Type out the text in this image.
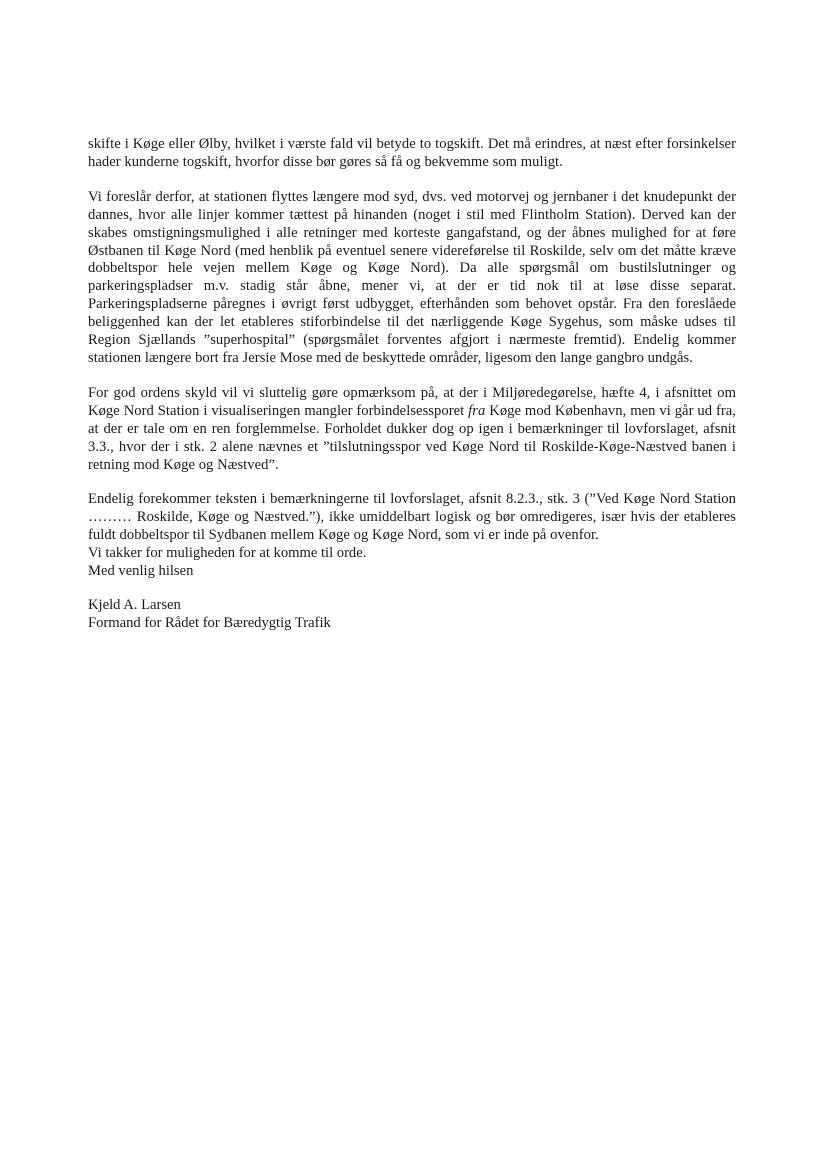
skifte i Køge eller Ølby, hvilket i værste fald vil betyde to togskift. Det må erindres, at næst efter forsinkelser hader kunderne togskift, hvorfor disse bør gøres så få og bekvemme som muligt.

Vi foreslår derfor, at stationen flyttes længere mod syd, dvs. ved motorvej og jernbaner i det knudepunkt der dannes, hvor alle linjer kommer tættest på hinanden (noget i stil med Flintholm Station). Derved kan der skabes omstigningsmulighed i alle retninger med korteste gangafstand, og der åbnes mulighed for at føre Østbanen til Køge Nord (med henblik på eventuel senere videreførelse til Roskilde, selv om det måtte kræve dobbeltspor hele vejen mellem Køge og Køge Nord). Da alle spørgsmål om bustilslutninger og parkeringspladser m.v. stadig står åbne, mener vi, at der er tid nok til at løse disse separat. Parkeringspladserne påregnes i øvrigt først udbygget, efterhånden som behovet opstår. Fra den foreslåede beliggenhed kan der let etableres stiforbindelse til det nærliggende Køge Sygehus, som måske udses til Region Sjællands ”superhospital” (spørgsmålet forventes afgjort i nærmeste fremtid). Endelig kommer stationen længere bort fra Jersie Mose med de beskyttede områder, ligesom den lange gangbro undgås.

For god ordens skyld vil vi sluttelig gøre opmærksom på, at der i Miljøredegørelse, hæfte 4, i afsnittet om Køge Nord Station i visualiseringen mangler forbindelsessporet fra Køge mod København, men vi går ud fra, at der er tale om en ren forglemmelse. Forholdet dukker dog op igen i bemærkninger til lovforslaget, afsnit 3.3., hvor der i stk. 2 alene nævnes et ”tilslutningsspor ved Køge Nord til Roskilde-Køge-Næstved banen i retning mod Køge og Næstved”.

Endelig forekommer teksten i bemærkningerne til lovforslaget, afsnit 8.2.3., stk. 3 (”Ved Køge Nord Station ……… Roskilde, Køge og Næstved.”), ikke umiddelbart logisk og bør omredigeres, især hvis der etableres fuldt dobbeltspor til Sydbanen mellem Køge og Køge Nord, som vi er inde på ovenfor.

Vi takker for muligheden for at komme til orde.

Med venlig hilsen

Kjeld A. Larsen
Formand for Rådet for Bæredygtig Trafik
